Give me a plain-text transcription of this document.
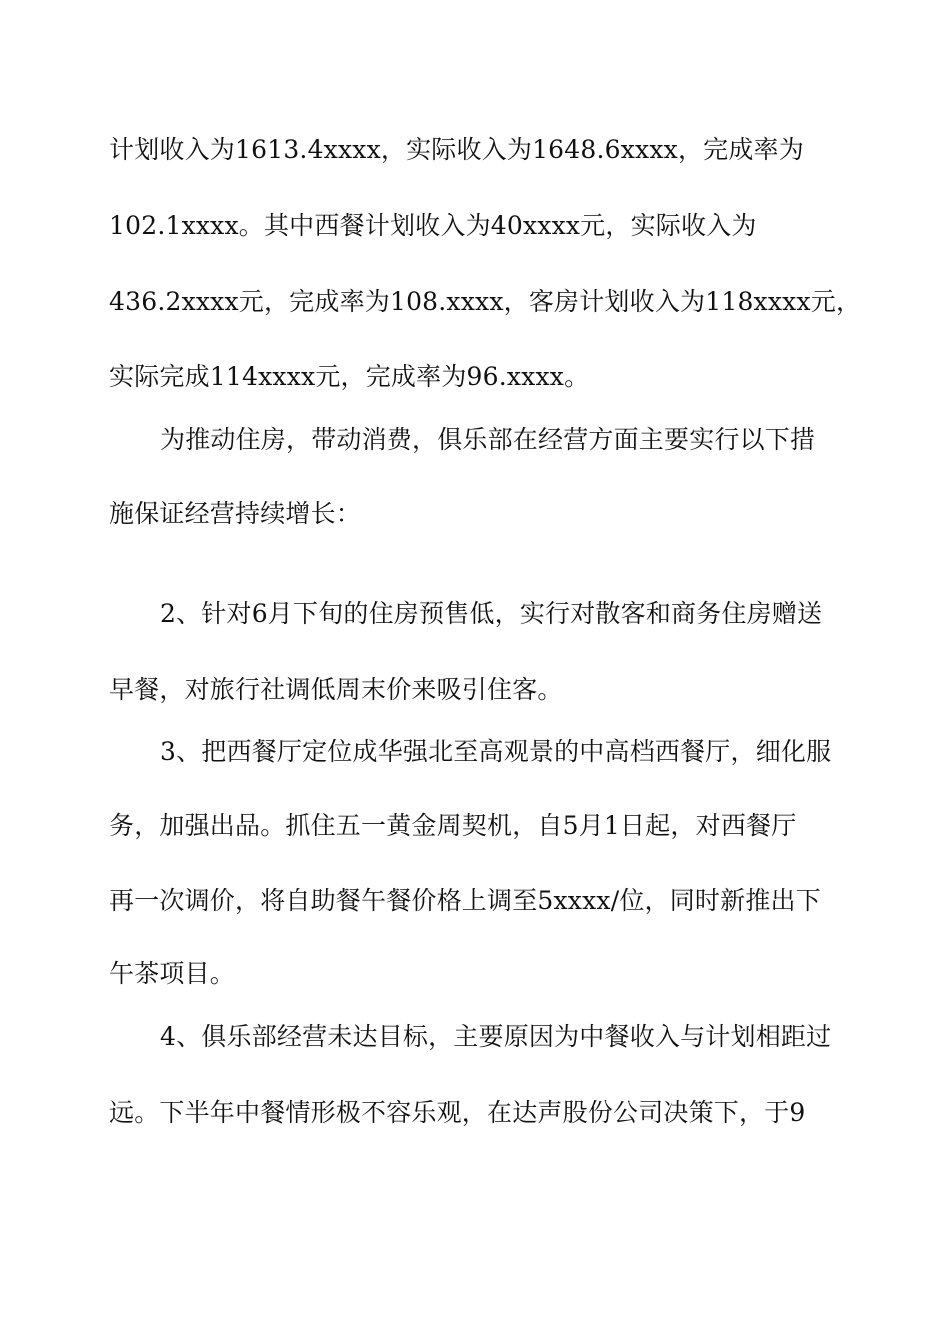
计划收入为1613.4xxxx，实际收入为1648.6xxxx，完成率为
102.1xxxx。其中西餐计划收入为40xxxx元，实际收入为
436.2xxxx元，完成率为108.xxxx，客房计划收入为118xxxx元，
实际完成114xxxx元，完成率为96.xxxx。
为推动住房，带动消费，俱乐部在经营方面主要实行以下措
施保证经营持续增长：
2、针对6月下旬的住房预售低，实行对散客和商务住房赠送
早餐，对旅行社调低周末价来吸引住客。
3、把西餐厅定位成华强北至高观景的中高档西餐厅，细化服
务，加强出品。抓住五一黄金周契机，自5月1日起，对西餐厅
再一次调价，将自助餐午餐价格上调至5xxxx/位，同时新推出下
午茶项目。
4、俱乐部经营未达目标，主要原因为中餐收入与计划相距过
远。下半年中餐情形极不容乐观，在达声股份公司决策下，于9
